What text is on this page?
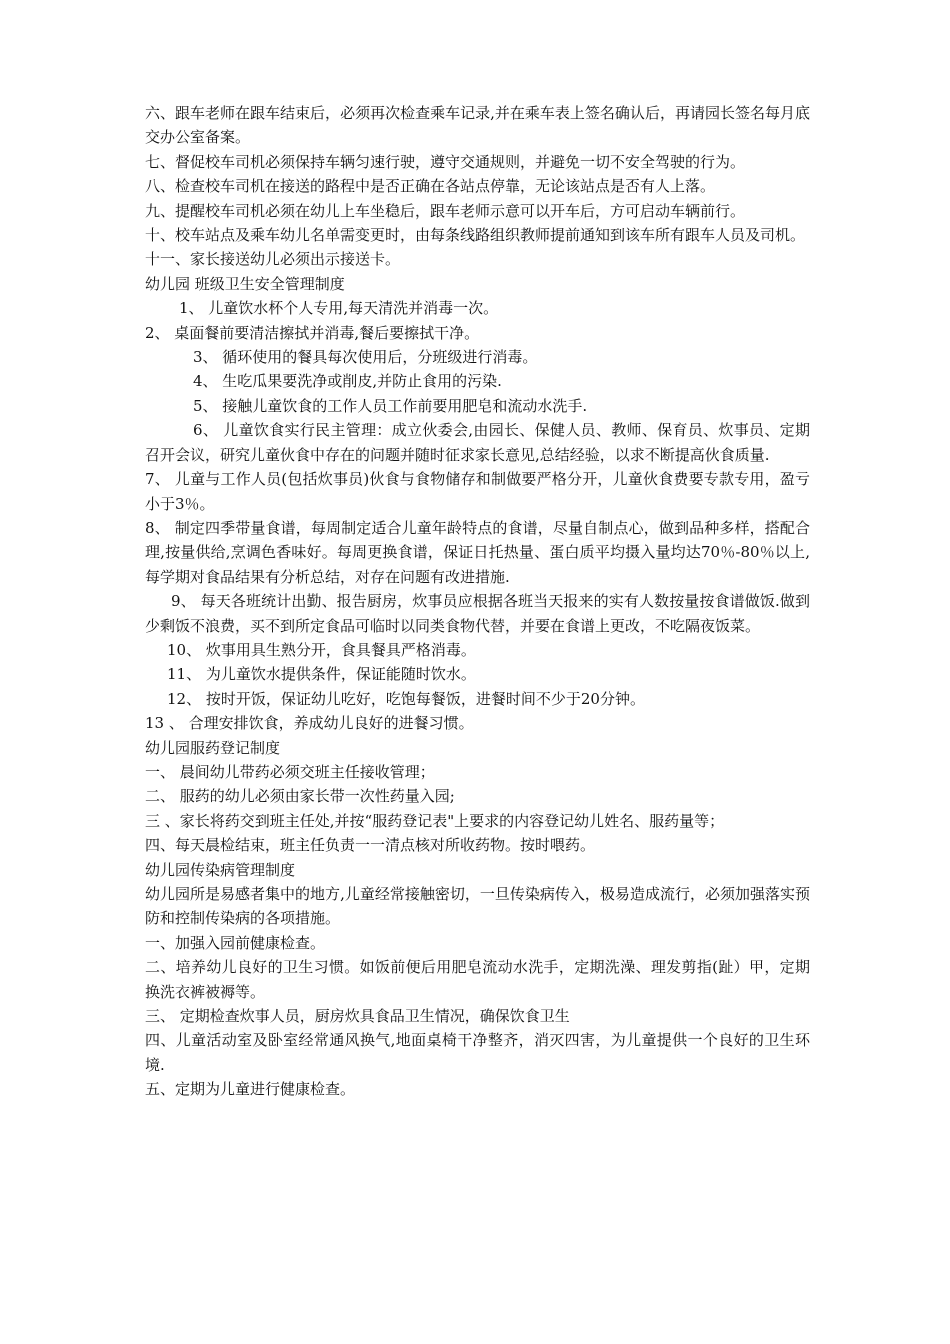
六、跟车老师在跟车结束后，必须再次检查乘车记录,并在乘车表上签名确认后，再请园长签名每月底交办公室备案。
七、督促校车司机必须保持车辆匀速行驶，遵守交通规则，并避免一切不安全驾驶的行为。
八、检查校车司机在接送的路程中是否正确在各站点停靠，无论该站点是否有人上落。
九、提醒校车司机必须在幼儿上车坐稳后，跟车老师示意可以开车后，方可启动车辆前行。
十、校车站点及乘车幼儿名单需变更时，由每条线路组织教师提前通知到该车所有跟车人员及司机。
十一、家长接送幼儿必须出示接送卡。
幼儿园 班级卫生安全管理制度
1、 儿童饮水杯个人专用,每天清洗并消毒一次。
2、 桌面餐前要清洁擦拭并消毒,餐后要擦拭干净。
3、 循环使用的餐具每次使用后，分班级进行消毒。
4、 生吃瓜果要洗净或削皮,并防止食用的污染.
5、 接触儿童饮食的工作人员工作前要用肥皂和流动水洗手.
6、 儿童饮食实行民主管理：成立伙委会,由园长、保健人员、教师、保育员、炊事员、定期召开会议，研究儿童伙食中存在的问题并随时征求家长意见,总结经验，以求不断提高伙食质量.
7、 儿童与工作人员(包括炊事员)伙食与食物储存和制做要严格分开，儿童伙食费要专款专用，盈亏小于3％。
8、 制定四季带量食谱，每周制定适合儿童年龄特点的食谱，尽量自制点心，做到品种多样，搭配合理,按量供给,烹调色香味好。每周更换食谱，保证日托热量、蛋白质平均摄入量均达70％-80％以上,每学期对食品结果有分析总结，对存在问题有改进措施.
9、 每天各班统计出勤、报告厨房，炊事员应根据各班当天报来的实有人数按量按食谱做饭.做到少剩饭不浪费，买不到所定食品可临时以同类食物代替，并要在食谱上更改，不吃隔夜饭菜。
10、 炊事用具生熟分开，食具餐具严格消毒。
11、 为儿童饮水提供条件，保证能随时饮水。
12、 按时开饭，保证幼儿吃好，吃饱每餐饭，进餐时间不少于20分钟。
13 、 合理安排饮食，养成幼儿良好的进餐习惯。
幼儿园服药登记制度
一、 晨间幼儿带药必须交班主任接收管理；
二、 服药的幼儿必须由家长带一次性药量入园;
三 、家长将药交到班主任处,并按“服药登记表"上要求的内容登记幼儿姓名、服药量等；
四、每天晨检结束，班主任负责一一清点核对所收药物。按时喂药。
幼儿园传染病管理制度
幼儿园所是易感者集中的地方,儿童经常接触密切，一旦传染病传入，极易造成流行，必须加强落实预防和控制传染病的各项措施。
一、加强入园前健康检查。
二、培养幼儿良好的卫生习惯。如饭前便后用肥皂流动水洗手，定期洗澡、理发剪指(趾）甲，定期换洗衣裤被褥等。
三、 定期检查炊事人员，厨房炊具食品卫生情况，确保饮食卫生
四、儿童活动室及卧室经常通风换气,地面桌椅干净整齐，消灭四害，为儿童提供一个良好的卫生环境.
五、定期为儿童进行健康检查。
